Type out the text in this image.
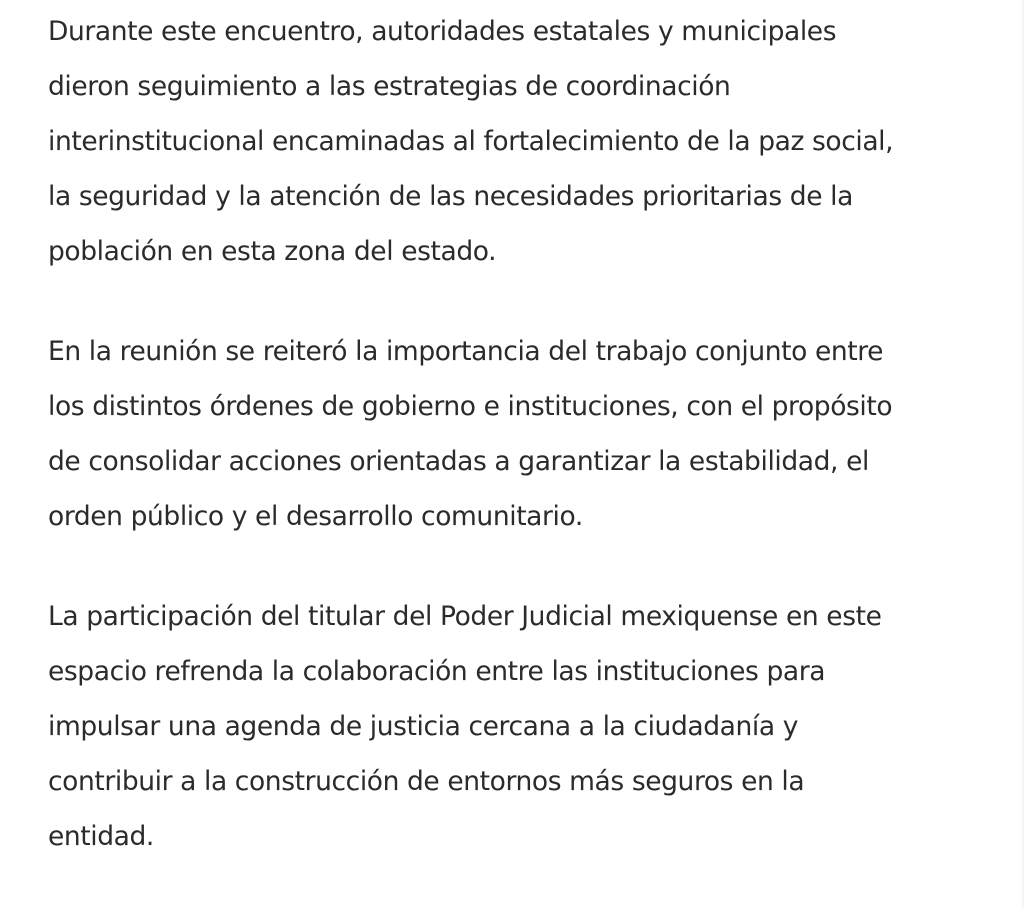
Durante este encuentro, autoridades estatales y municipales
dieron seguimiento a las estrategias de coordinación
interinstitucional encaminadas al fortalecimiento de la paz social,
la seguridad y la atención de las necesidades prioritarias de la
población en esta zona del estado.

En la reunión se reiteró la importancia del trabajo conjunto entre
los distintos órdenes de gobierno e instituciones, con el propósito
de consolidar acciones orientadas a garantizar la estabilidad, el
orden público y el desarrollo comunitario.

La participación del titular del Poder Judicial mexiquense en este
espacio refrenda la colaboración entre las instituciones para
impulsar una agenda de justicia cercana a la ciudadanía y
contribuir a la construcción de entornos más seguros en la
entidad.
